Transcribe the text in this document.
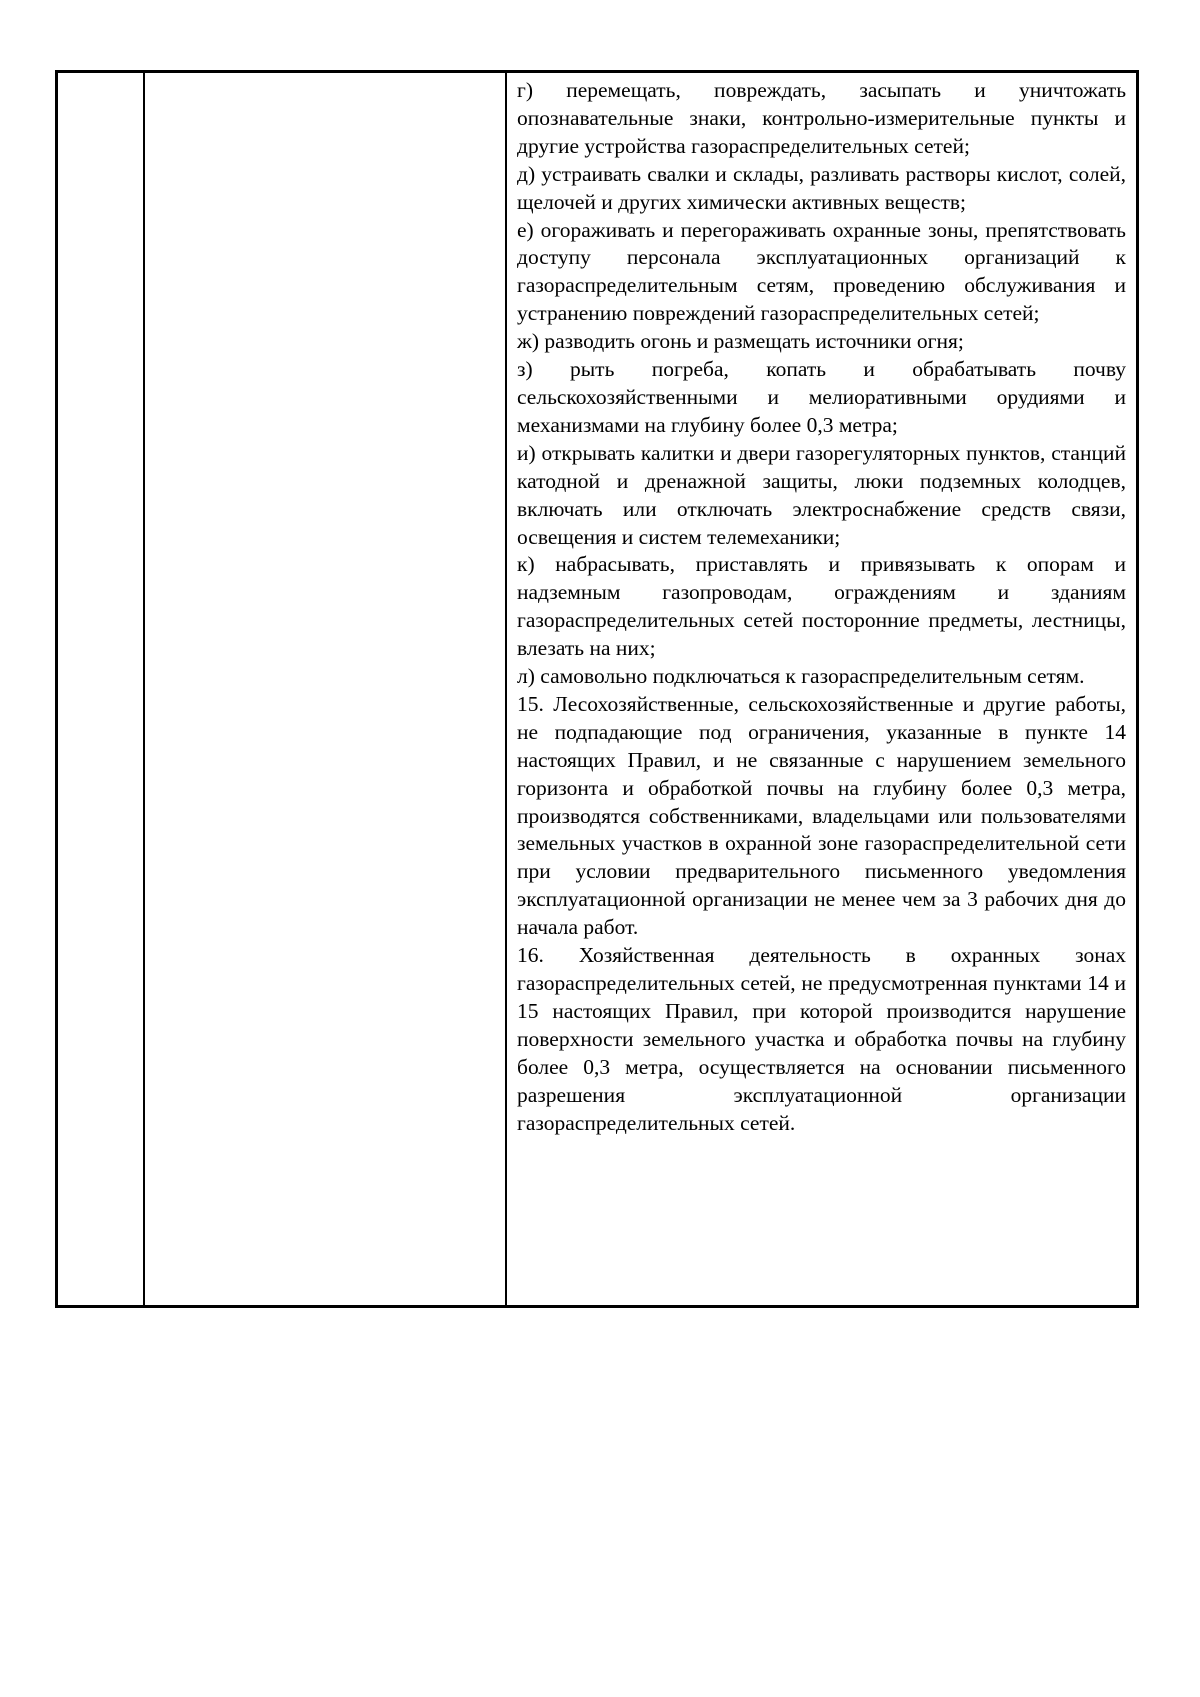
г) перемещать, повреждать, засыпать и уничтожать опознавательные знаки, контрольно-измерительные пункты и другие устройства газораспределительных сетей;

д) устраивать свалки и склады, разливать растворы кислот, солей, щелочей и других химически активных веществ;

е) огораживать и перегораживать охранные зоны, препятствовать доступу персонала эксплуатационных организаций к газораспределительным сетям, проведению обслуживания и устранению повреждений газораспределительных сетей;

ж) разводить огонь и размещать источники огня;

з) рыть погреба, копать и обрабатывать почву сельскохозяйственными и мелиоративными орудиями и механизмами на глубину более 0,3 метра;

и) открывать калитки и двери газорегуляторных пунктов, станций катодной и дренажной защиты, люки подземных колодцев, включать или отключать электроснабжение средств связи, освещения и систем телемеханики;

к) набрасывать, приставлять и привязывать к опорам и надземным газопроводам, ограждениям и зданиям газораспределительных сетей посторонние предметы, лестницы, влезать на них;

л) самовольно подключаться к газораспределительным сетям.

15. Лесохозяйственные, сельскохозяйственные и другие работы, не подпадающие под ограничения, указанные в пункте 14 настоящих Правил, и не связанные с нарушением земельного горизонта и обработкой почвы на глубину более 0,3 метра, производятся собственниками, владельцами или пользователями земельных участков в охранной зоне газораспределительной сети при условии предварительного письменного уведомления эксплуатационной организации не менее чем за 3 рабочих дня до начала работ.

16. Хозяйственная деятельность в охранных зонах газораспределительных сетей, не предусмотренная пунктами 14 и 15 настоящих Правил, при которой производится нарушение поверхности земельного участка и обработка почвы на глубину более 0,3 метра, осуществляется на основании письменного разрешения эксплуатационной организации газораспределительных сетей.
